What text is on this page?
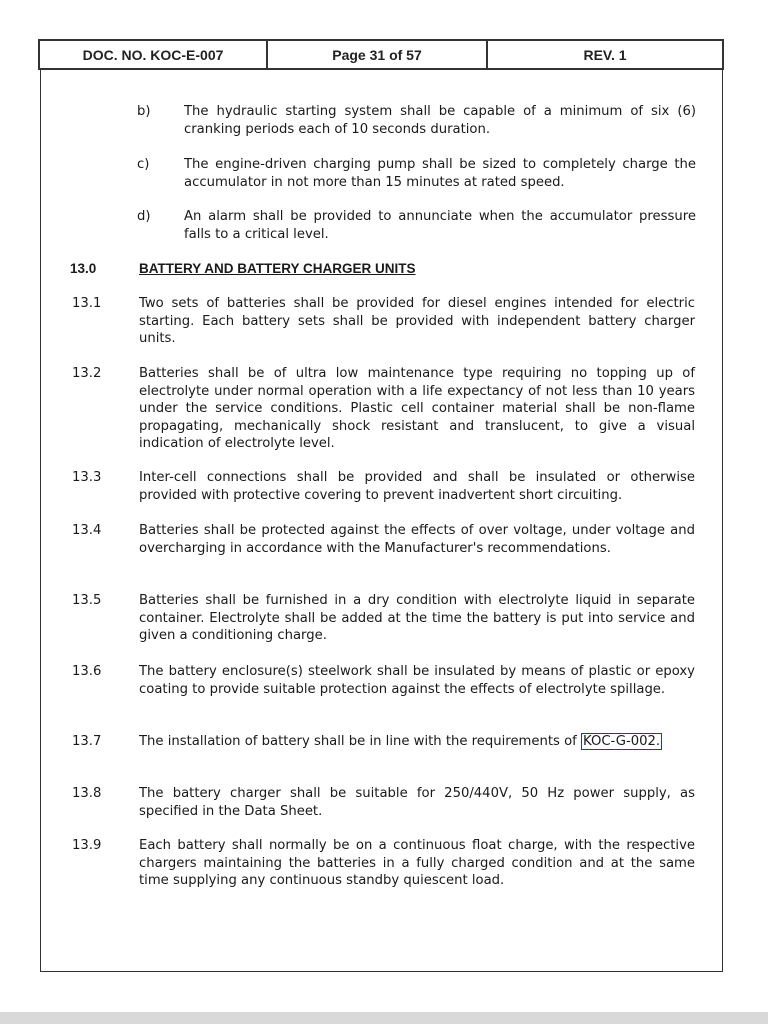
DOC. NO. KOC-E-007	Page 31 of 57	REV. 1
b)	The hydraulic starting system shall be capable of a minimum of six (6) cranking periods each of 10 seconds duration.
c)	The engine-driven charging pump shall be sized to completely charge the accumulator in not more than 15 minutes at rated speed.
d)	An alarm shall be provided to annunciate when the accumulator pressure falls to a critical level.
13.0	BATTERY AND BATTERY CHARGER UNITS
13.1	Two sets of batteries shall be provided for diesel engines intended for electric starting. Each battery sets shall be provided with independent battery charger units.
13.2	Batteries shall be of ultra low maintenance type requiring no topping up of electrolyte under normal operation with a life expectancy of not less than 10 years under the service conditions. Plastic cell container material shall be non-flame propagating, mechanically shock resistant and translucent, to give a visual indication of electrolyte level.
13.3	Inter-cell connections shall be provided and shall be insulated or otherwise provided with protective covering to prevent inadvertent short circuiting.
13.4	Batteries shall be protected against the effects of over voltage, under voltage and overcharging in accordance with the Manufacturer's recommendations.
13.5	Batteries shall be furnished in a dry condition with electrolyte liquid in separate container. Electrolyte shall be added at the time the battery is put into service and given a conditioning charge.
13.6	The battery enclosure(s) steelwork shall be insulated by means of plastic or epoxy coating to provide suitable protection against the effects of electrolyte spillage.
13.7	The installation of battery shall be in line with the requirements of KOC-G-002.
13.8	The battery charger shall be suitable for 250/440V, 50 Hz power supply, as specified in the Data Sheet.
13.9	Each battery shall normally be on a continuous float charge, with the respective chargers maintaining the batteries in a fully charged condition and at the same time supplying any continuous standby quiescent load.
